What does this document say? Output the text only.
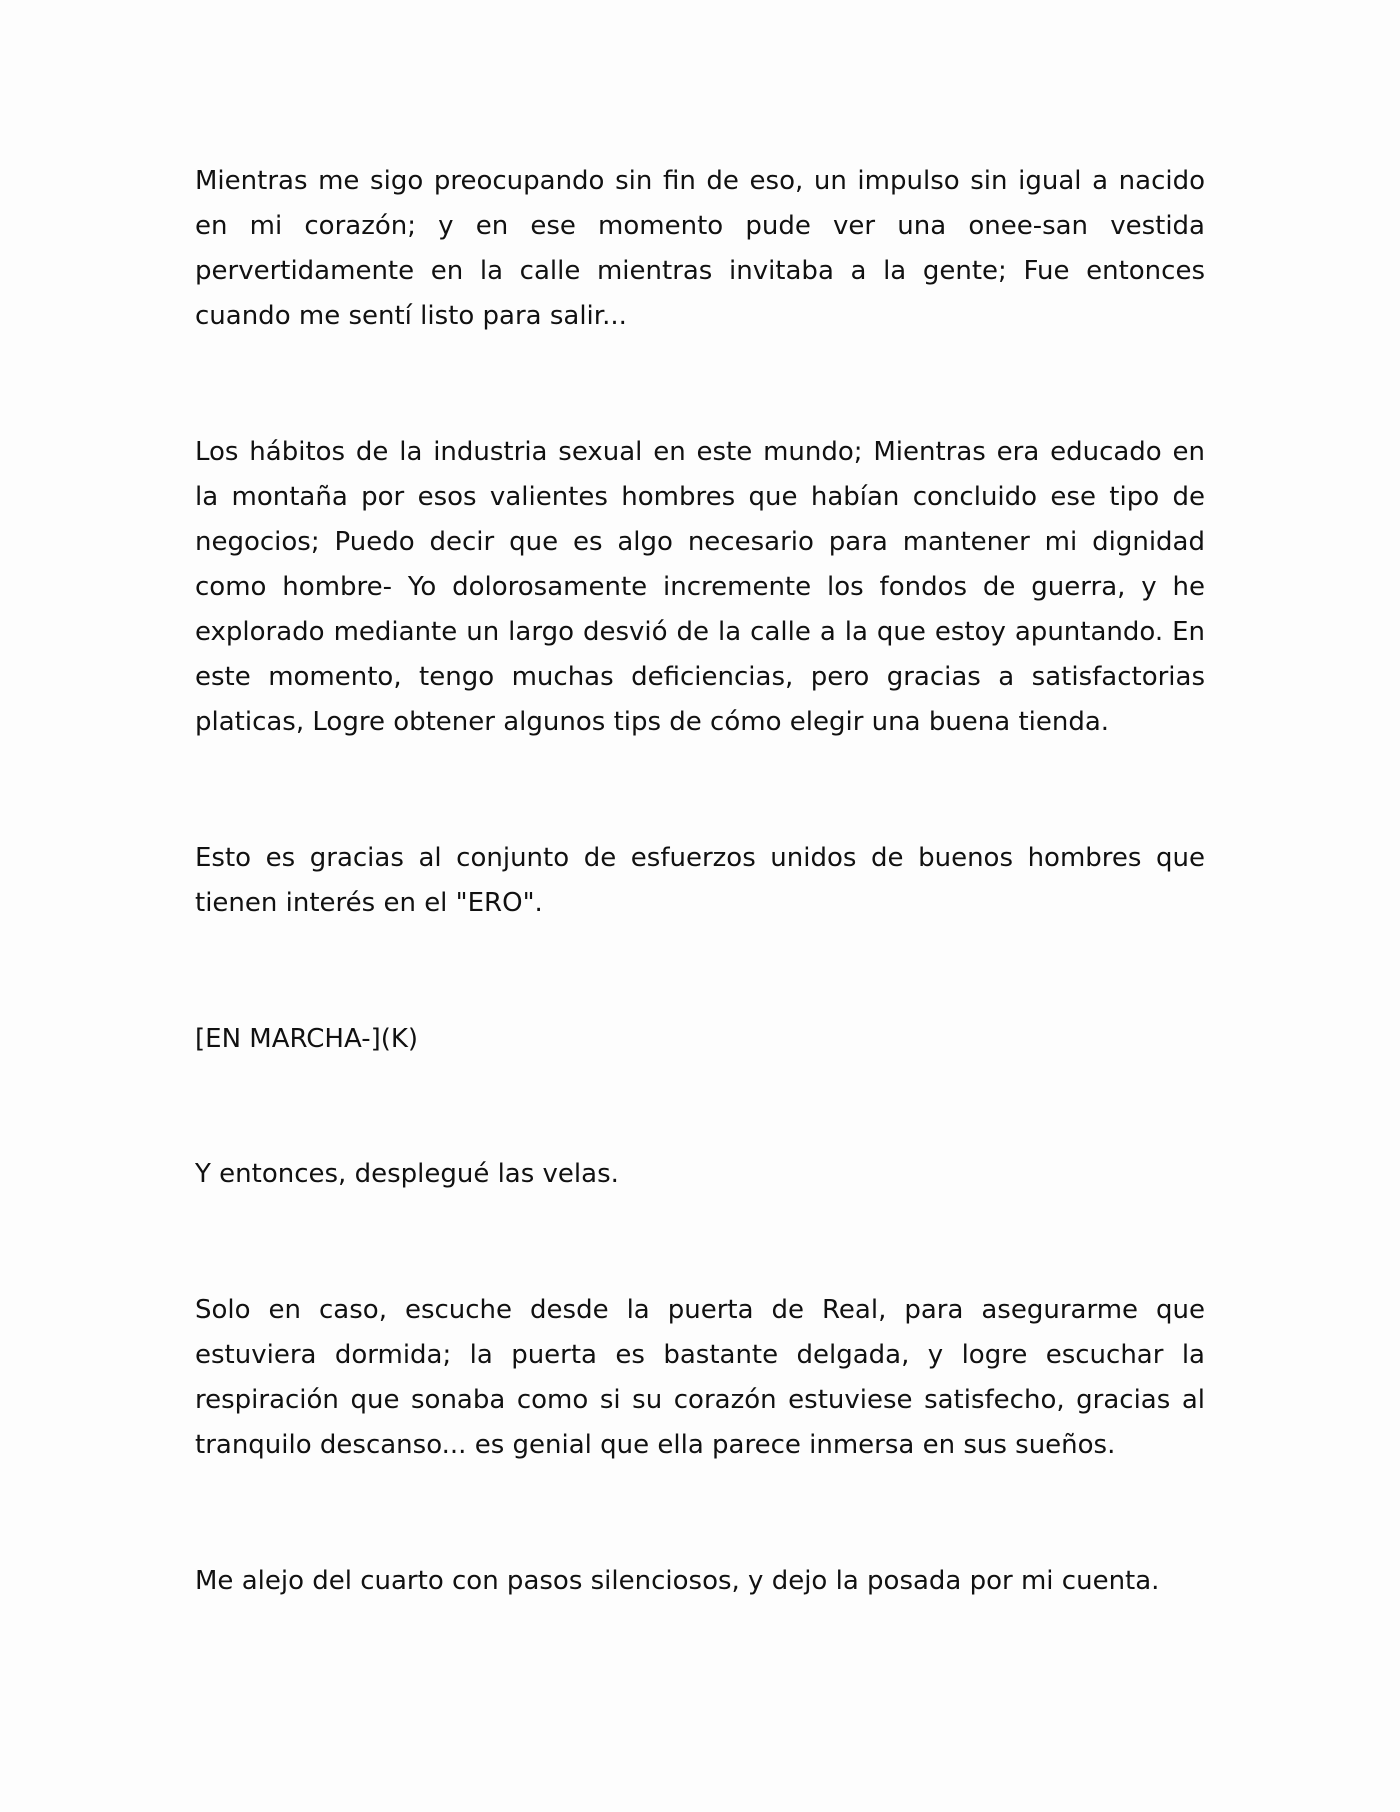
Mientras me sigo preocupando sin fin de eso, un impulso sin igual a nacido en mi corazón; y en ese momento pude ver una onee-san vestida pervertidamente en la calle mientras invitaba a la gente; Fue entonces cuando me sentí listo para salir...

Los hábitos de la industria sexual en este mundo; Mientras era educado en la montaña por esos valientes hombres que habían concluido ese tipo de negocios; Puedo decir que es algo necesario para mantener mi dignidad como hombre- Yo dolorosamente incremente los fondos de guerra, y he explorado mediante un largo desvió de la calle a la que estoy apuntando. En este momento, tengo muchas deficiencias, pero gracias a satisfactorias platicas, Logre obtener algunos tips de cómo elegir una buena tienda.

Esto es gracias al conjunto de esfuerzos unidos de buenos hombres que tienen interés en el "ERO".

[EN MARCHA-](K)

Y entonces, desplegué las velas.

Solo en caso, escuche desde la puerta de Real, para asegurarme que estuviera dormida; la puerta es bastante delgada, y logre escuchar la respiración que sonaba como si su corazón estuviese satisfecho, gracias al tranquilo descanso... es genial que ella parece inmersa en sus sueños.

Me alejo del cuarto con pasos silenciosos, y dejo la posada por mi cuenta.
